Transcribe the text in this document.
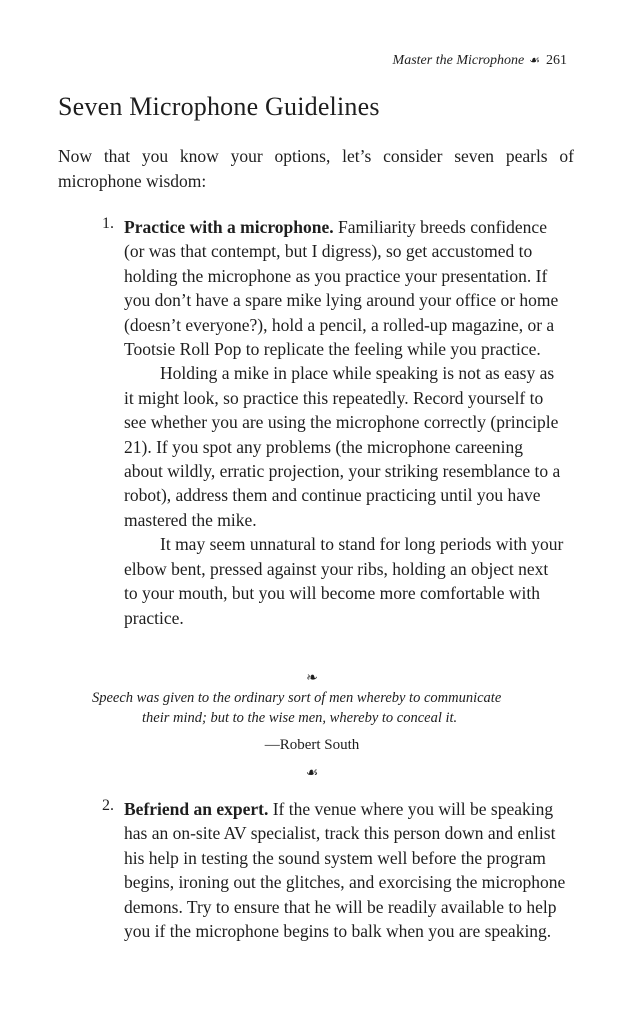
Master the Microphone ☙ 261
Seven Microphone Guidelines

Now that you know your options, let’s consider seven pearls of microphone wisdom:

1. Practice with a microphone. Familiarity breeds confidence (or was that contempt, but I digress), so get accustomed to holding the microphone as you practice your presentation. If you don’t have a spare mike lying around your office or home (doesn’t everyone?), hold a pencil, a rolled-up magazine, or a Tootsie Roll Pop to replicate the feeling while you practice.

Holding a mike in place while speaking is not as easy as it might look, so practice this repeatedly. Record yourself to see whether you are using the microphone correctly (principle 21). If you spot any problems (the microphone careening about wildly, erratic projection, your striking resemblance to a robot), address them and continue practicing until you have mastered the mike.

It may seem unnatural to stand for long periods with your elbow bent, pressed against your ribs, holding an object next to your mouth, but you will become more comfortable with practice.

❧

Speech was given to the ordinary sort of men whereby to communicate
their mind; but to the wise men, whereby to conceal it.

—Robert South
☙
2. Befriend an expert. If the venue where you will be speaking has an on-site AV specialist, track this person down and enlist his help in testing the sound system well before the program begins, ironing out the glitches, and exorcising the microphone demons. Try to ensure that he will be readily available to help you if the microphone begins to balk when you are speaking.
